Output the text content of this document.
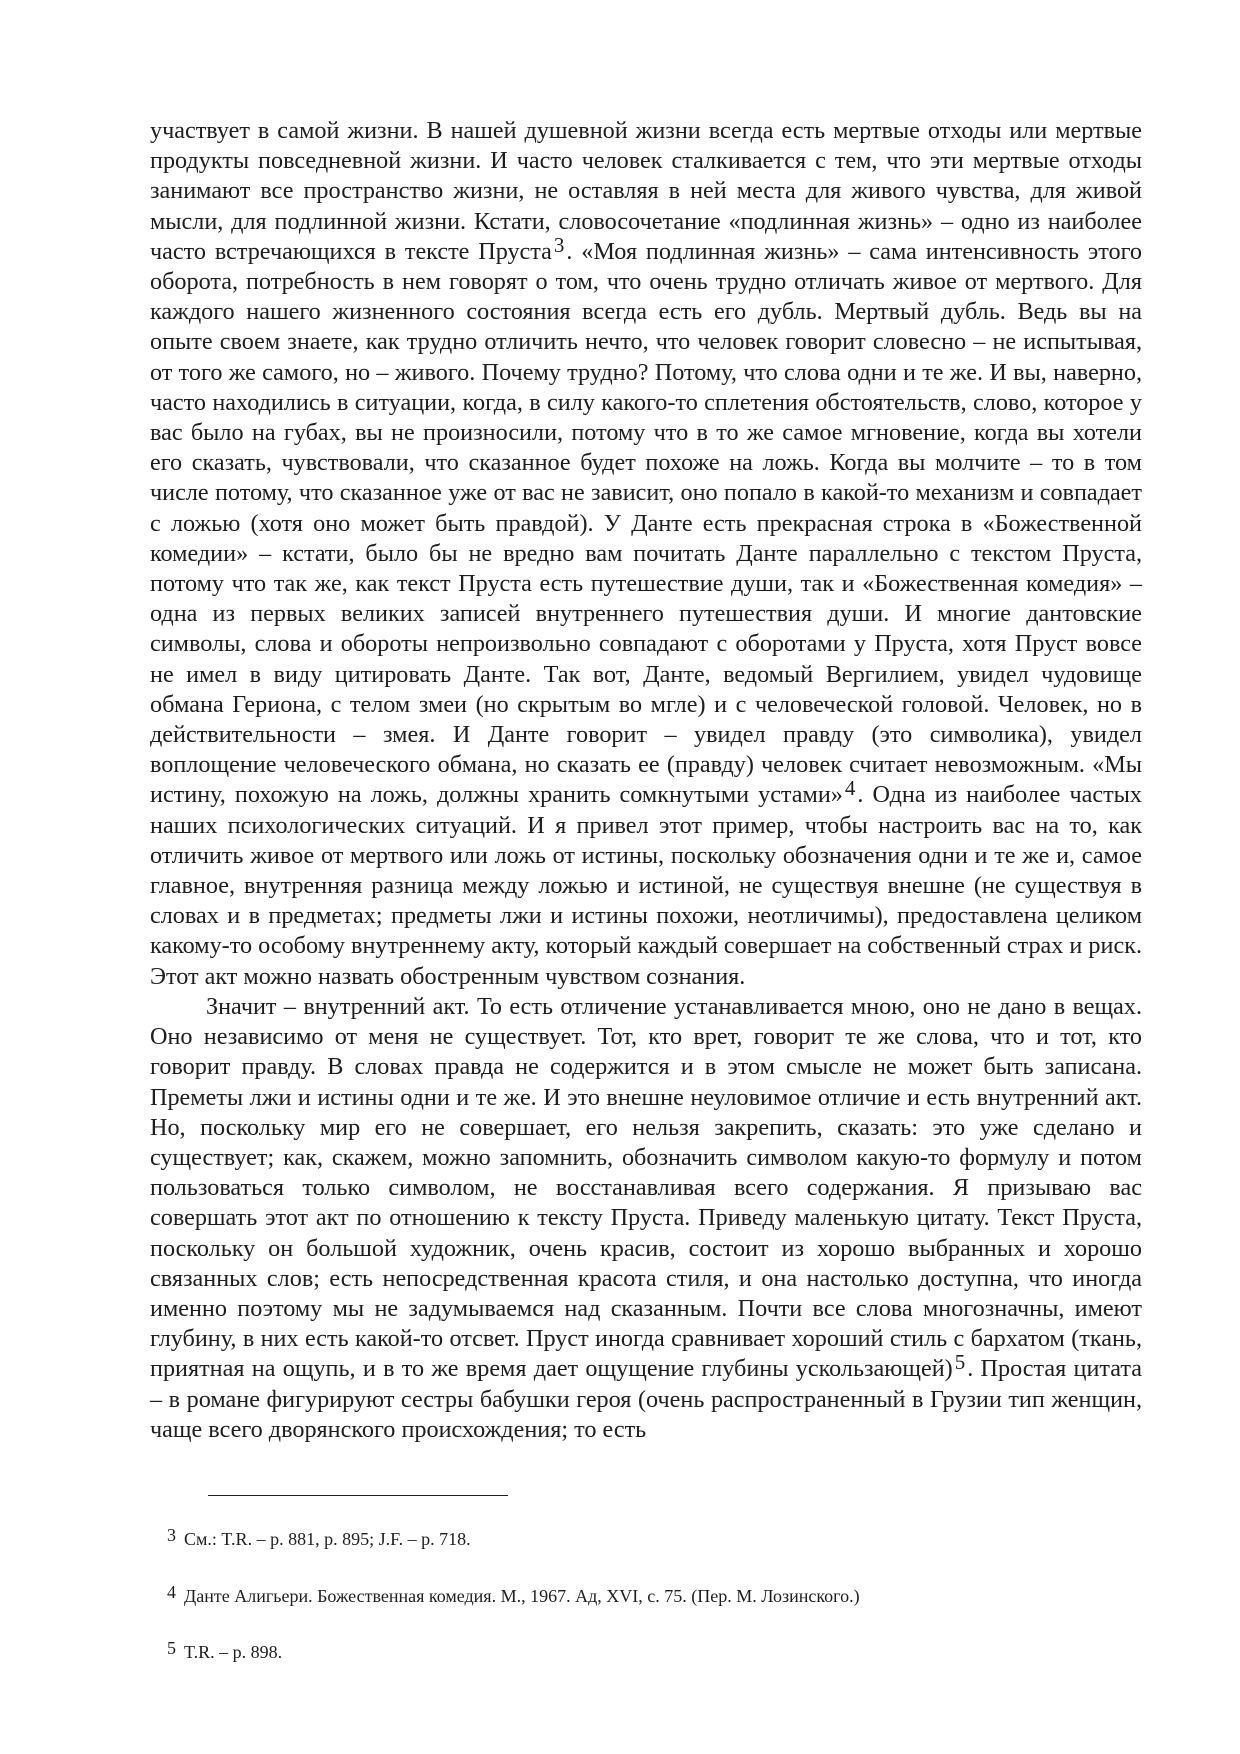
участвует в самой жизни. В нашей душевной жизни всегда есть мертвые отходы или мертвые продукты повседневной жизни. И часто человек сталкивается с тем, что эти мертвые отходы занимают все пространство жизни, не оставляя в ней места для живого чувства, для живой мысли, для подлинной жизни. Кстати, словосочетание «подлинная жизнь» – одно из наиболее часто встречающихся в тексте Пруста3. «Моя подлинная жизнь» – сама интенсивность этого оборота, потребность в нем говорят о том, что очень трудно отличать живое от мертвого. Для каждого нашего жизненного состояния всегда есть его дубль. Мертвый дубль. Ведь вы на опыте своем знаете, как трудно отличить нечто, что человек говорит словесно – не испытывая, от того же самого, но – живого. Почему трудно? Потому, что слова одни и те же. И вы, наверно, часто находились в ситуации, когда, в силу какого-то сплетения обстоятельств, слово, которое у вас было на губах, вы не произносили, потому что в то же самое мгновение, когда вы хотели его сказать, чувствовали, что сказанное будет похоже на ложь. Когда вы молчите – то в том числе потому, что сказанное уже от вас не зависит, оно попало в какой-то механизм и совпадает с ложью (хотя оно может быть правдой). У Данте есть прекрасная строка в «Божественной комедии» – кстати, было бы не вредно вам почитать Данте параллельно с текстом Пруста, потому что так же, как текст Пруста есть путешествие души, так и «Божественная комедия» – одна из первых великих записей внутреннего путешествия души. И многие дантовские символы, слова и обороты непроизвольно совпадают с оборотами у Пруста, хотя Пруст вовсе не имел в виду цитировать Данте. Так вот, Данте, ведомый Вергилием, увидел чудовище обмана Гериона, с телом змеи (но скрытым во мгле) и с человеческой головой. Человек, но в действительности – змея. И Данте говорит – увидел правду (это символика), увидел воплощение человеческого обмана, но сказать ее (правду) человек считает невозможным. «Мы истину, похожую на ложь, должны хранить сомкнутыми устами»4. Одна из наиболее частых наших психологических ситуаций. И я привел этот пример, чтобы настроить вас на то, как отличить живое от мертвого или ложь от истины, поскольку обозначения одни и те же и, самое главное, внутренняя разница между ложью и истиной, не существуя внешне (не существуя в словах и в предметах; предметы лжи и истины похожи, неотличимы), предоставлена целиком какому-то особому внутреннему акту, который каждый совершает на собственный страх и риск. Этот акт можно назвать обостренным чувством сознания.

Значит – внутренний акт. То есть отличение устанавливается мною, оно не дано в вещах. Оно независимо от меня не существует. Тот, кто врет, говорит те же слова, что и тот, кто говорит правду. В словах правда не содержится и в этом смысле не может быть записана. Преметы лжи и истины одни и те же. И это внешне неуловимое отличие и есть внутренний акт. Но, поскольку мир его не совершает, его нельзя закрепить, сказать: это уже сделано и существует; как, скажем, можно запомнить, обозначить символом какую-то формулу и потом пользоваться только символом, не восстанавливая всего содержания. Я призываю вас совершать этот акт по отношению к тексту Пруста. Приведу маленькую цитату. Текст Пруста, поскольку он большой художник, очень красив, состоит из хорошо выбранных и хорошо связанных слов; есть непосредственная красота стиля, и она настолько доступна, что иногда именно поэтому мы не задумываемся над сказанным. Почти все слова многозначны, имеют глубину, в них есть какой-то отсвет. Пруст иногда сравнивает хороший стиль с бархатом (ткань, приятная на ощупь, и в то же время дает ощущение глубины ускользающей)5. Простая цитата – в романе фигурируют сестры бабушки героя (очень распространенный в Грузии тип женщин, чаще всего дворянского происхождения; то есть

3 См.: T.R. – p. 881, p. 895; J.F. – p. 718.
4 Данте Алигьери. Божественная комедия. М., 1967. Ад, XVI, с. 75. (Пер. М. Лозинского.)
5 T.R. – p. 898.
